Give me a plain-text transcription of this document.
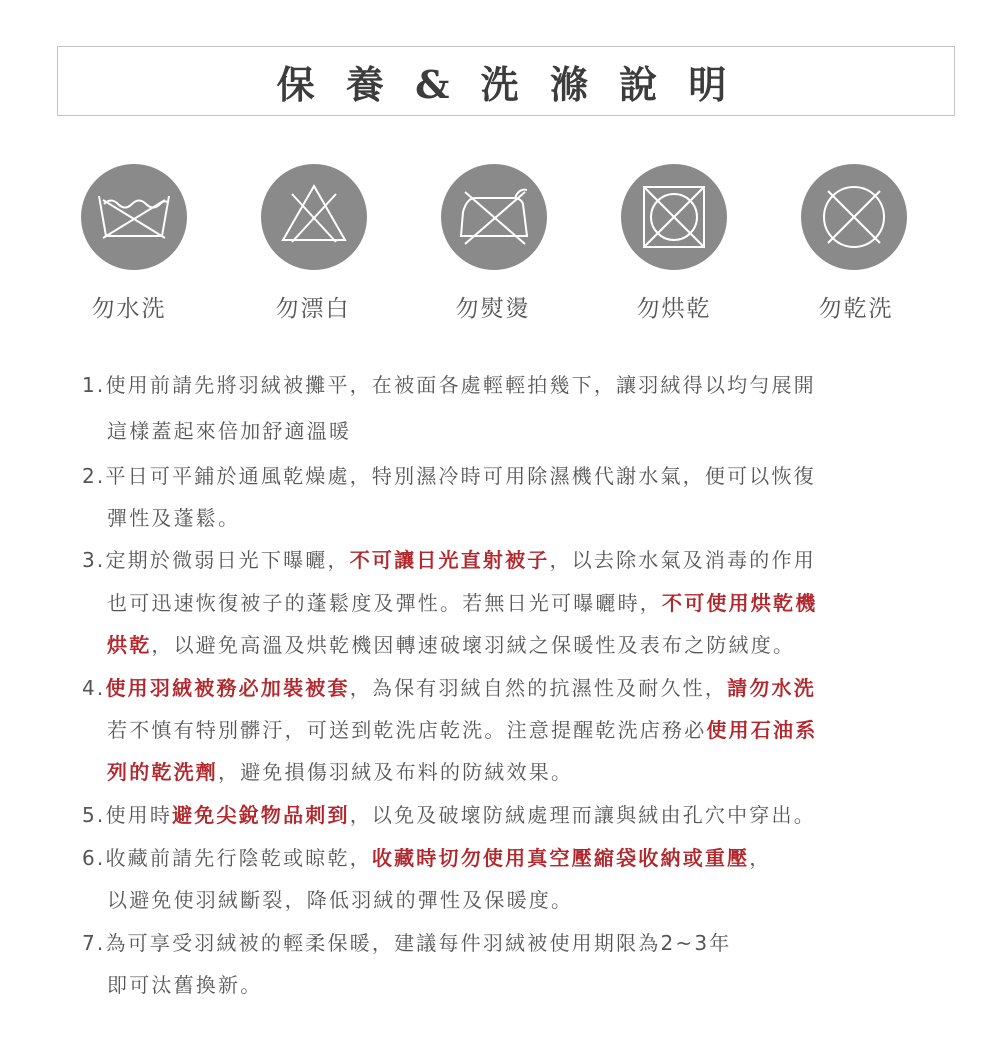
保 養 & 洗 滌 說 明
勿水洗	勿漂白	勿熨燙	勿烘乾	勿乾洗
1.使用前請先將羽絨被攤平，在被面各處輕輕拍幾下，讓羽絨得以均勻展開
這樣蓋起來倍加舒適溫暖
2.平日可平鋪於通風乾燥處，特別濕冷時可用除濕機代謝水氣，便可以恢復
彈性及蓬鬆。
3.定期於微弱日光下曝曬，不可讓日光直射被子，以去除水氣及消毒的作用
也可迅速恢復被子的蓬鬆度及彈性。若無日光可曝曬時，不可使用烘乾機
烘乾，以避免高溫及烘乾機因轉速破壞羽絨之保暖性及表布之防絨度。
4.使用羽絨被務必加裝被套，為保有羽絨自然的抗濕性及耐久性，請勿水洗
若不慎有特別髒汙，可送到乾洗店乾洗。注意提醒乾洗店務必使用石油系
列的乾洗劑，避免損傷羽絨及布料的防絨效果。
5.使用時避免尖銳物品刺到，以免及破壞防絨處理而讓與絨由孔穴中穿出。
6.收藏前請先行陰乾或晾乾，收藏時切勿使用真空壓縮袋收納或重壓，
以避免使羽絨斷裂，降低羽絨的彈性及保暖度。
7.為可享受羽絨被的輕柔保暖，建議每件羽絨被使用期限為2~3年
即可汰舊換新。
